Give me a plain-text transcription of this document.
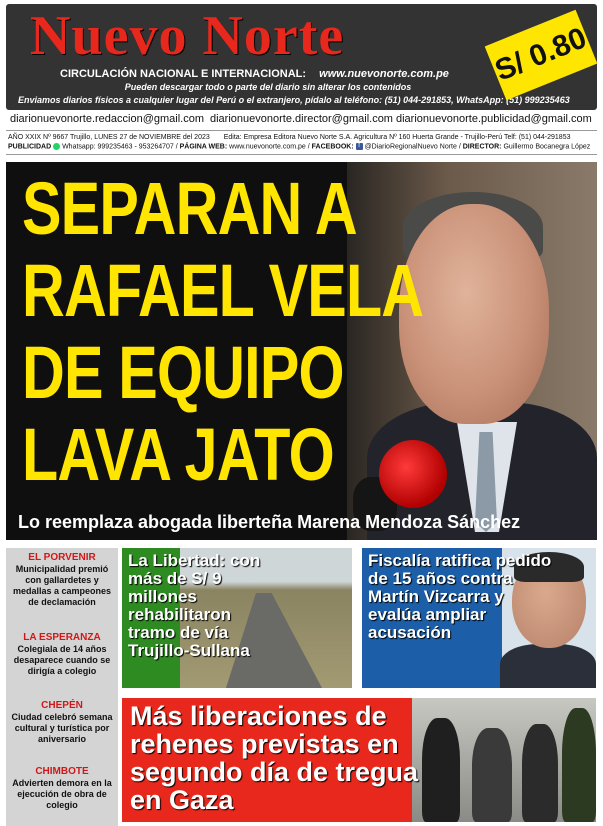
Nuevo Norte
CIRCULACIÓN NACIONAL E INTERNACIONAL: www.nuevonorte.com.pe
Pueden descargar todo o parte del diario sin alterar los contenidos
Enviamos diarios físicos a cualquier lugar del Perú o el extranjero, pídalo al teléfono: (51) 044-291853, WhatsApp: (51) 999235463
S/ 0.80
diarionuevonorte.redaccion@gmail.com diarionuevonorte.director@gmail.com diarionuevonorte.publicidad@gmail.com
AÑO XXIX Nº 9667 Trujillo, LUNES 27 de NOVIEMBRE del 2023 Edita: Empresa Editora Nuevo Norte S.A. Agricultura Nº 160 Huerta Grande - Trujillo-Perú Telf: (51) 044-291853
PUBLICIDAD Whatsapp: 999235463 - 953264707 / PÁGINA WEB: www.nuevonorte.com.pe / FACEBOOK: f @DiarioRegionalNuevo Norte / DIRECTOR: Guillermo Bocanegra López
SEPARAN A
RAFAEL VELA
DE EQUIPO
LAVA JATO
Lo reemplaza abogada liberteña Marena Mendoza Sánchez
EL PORVENIR
Municipalidad premió con gallardetes y medallas a campeones de declamación
LA ESPERANZA
Colegiala de 14 años desaparece cuando se dirigía a colegio
CHEPÉN
Ciudad celebró semana cultural y turística por aniversario
CHIMBOTE
Advierten demora en la ejecución de obra de colegio
La Libertad: con más de S/ 9 millones rehabilitaron tramo de vía Trujillo-Sullana
Fiscalía ratifica pedido de 15 años contra Martín Vizcarra y evalúa ampliar acusación
Más liberaciones de rehenes previstas en segundo día de tregua en Gaza
